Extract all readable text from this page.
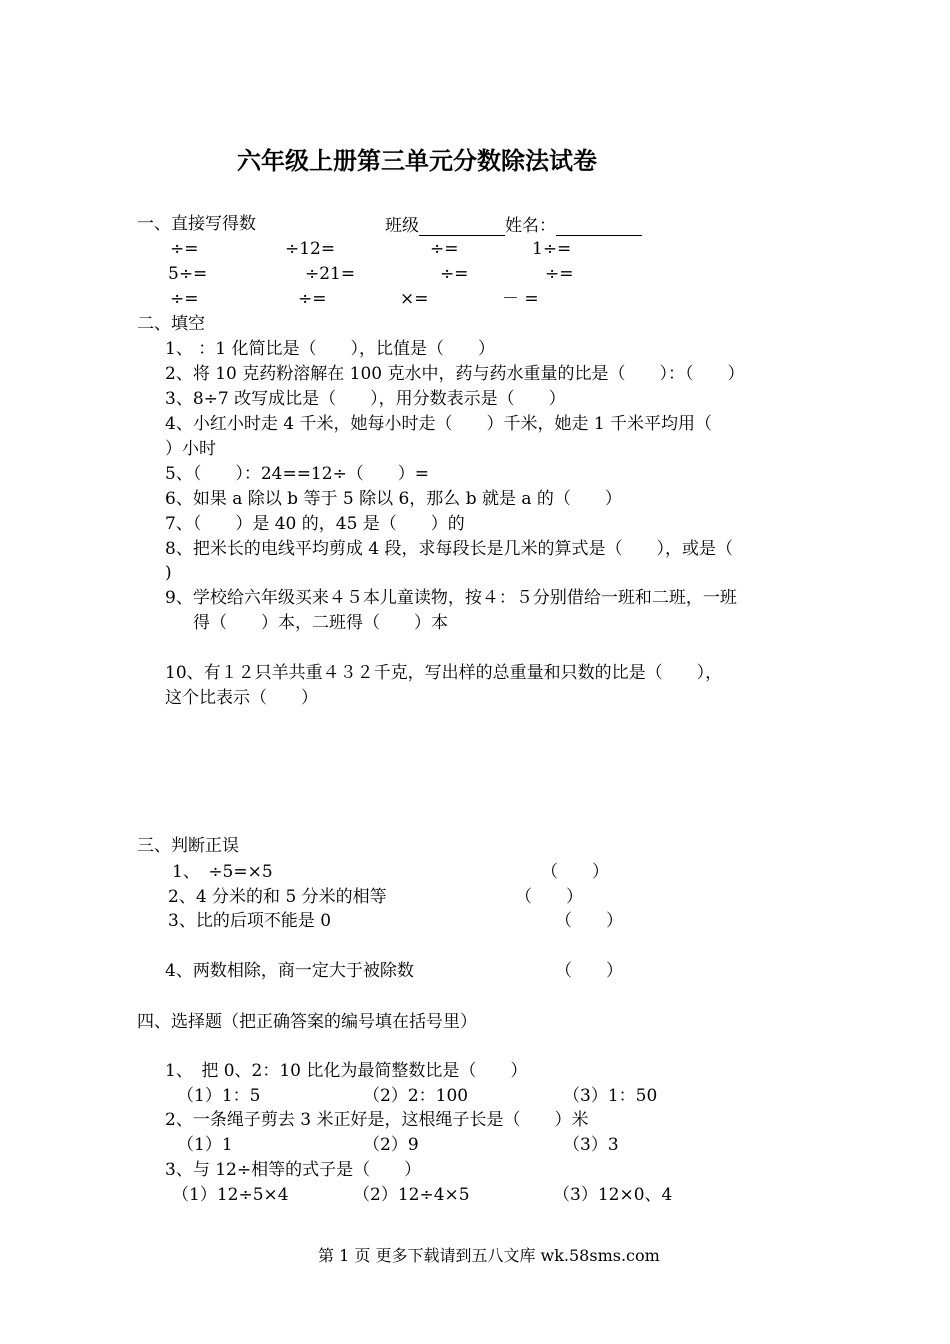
六年级上册第三单元分数除法试卷
班级	姓名：
一、直接写得数
÷=	÷12=	÷=	1÷=
5÷=	÷21=	÷=	÷=
÷=	÷=	×=	－ =
二、填空
1、 ：1 化简比是（　　），比值是（　　）
2、将 10 克药粉溶解在 100 克水中，药与药水重量的比是（　　）：（　　）
3、8÷7 改写成比是（　　），用分数表示是（　　）
4、小红小时走 4 千米，她每小时走（　　）千米，她走 1 千米平均用（
）小时
5、（　　）：24==12÷（　　）=
6、如果 a 除以 b 等于 5 除以 6，那么 b 就是 a 的（　　）
7、（　　）是 40 的，45 是（　　）的
8、把米长的电线平均剪成 4 段，求每段长是几米的算式是（　　），或是（
)
9、学校给六年级买来４５本儿童读物，按４：５分别借给一班和二班，一班
得（　　）本，二班得（　　）本
10、有１２只羊共重４３２千克，写出样的总重量和只数的比是（　　），
这个比表示（　　）
三、判断正误
1、　÷5=×5	（　　）
2、4 分米的和 5 分米的相等	（　　）
3、比的后项不能是 0	（　　）
4、两数相除，商一定大于被除数	（　　）
四、选择题（把正确答案的编号填在括号里）
1、　把 0、2：10 比化为最简整数比是（　　）
（1）1：5	（2）2：100	（3）1：50
2、一条绳子剪去 3 米正好是，这根绳子长是（　　）米
（1）1	（2）9	（3）3
3、与 12÷相等的式子是（　　）
（1）12÷5×4	（2）12÷4×5	（3）12×0、4
第 1 页 更多下载请到五八文库 wk.58sms.com
